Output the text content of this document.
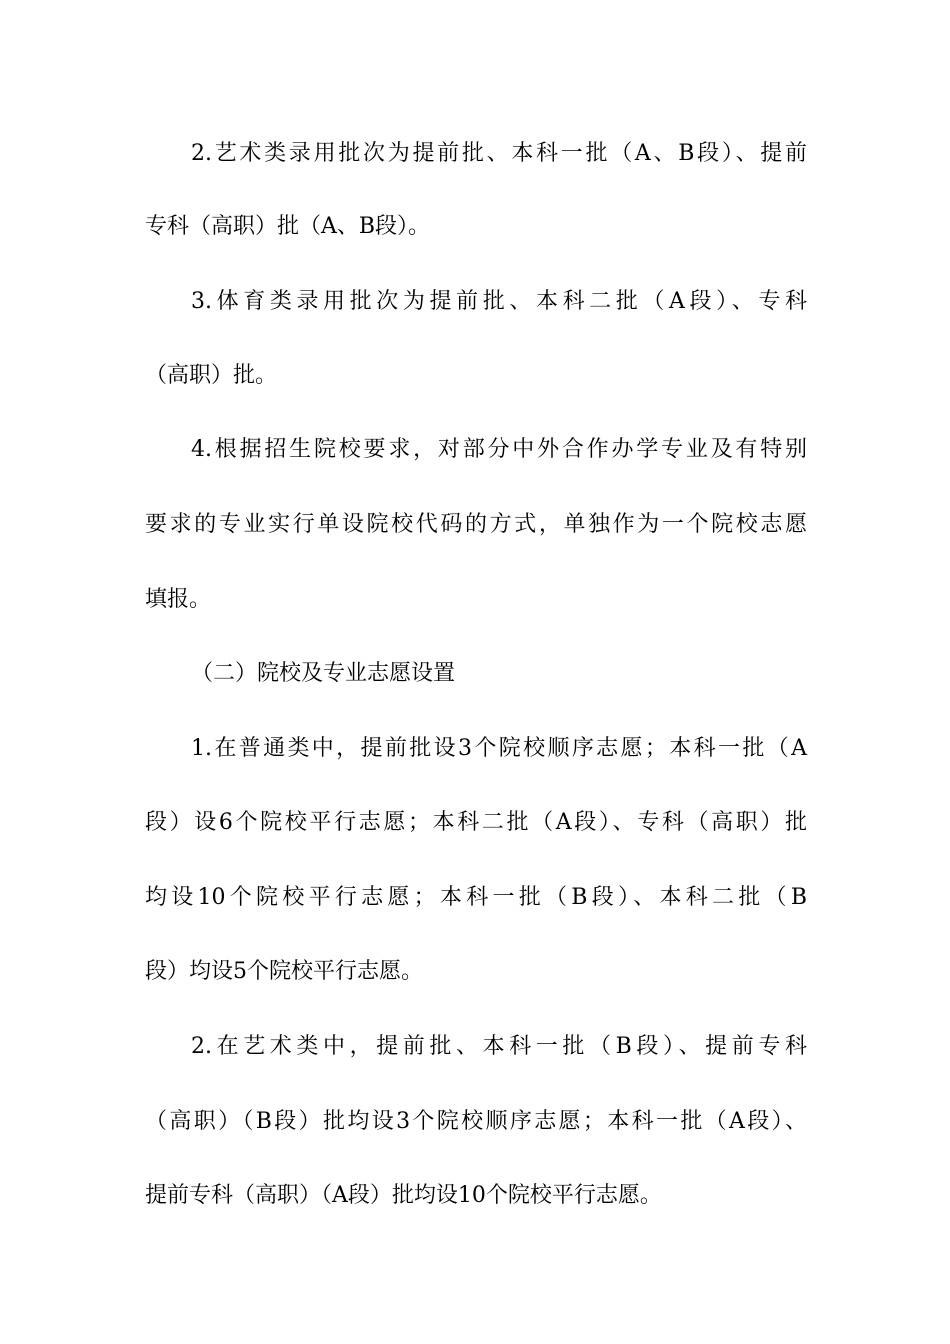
2.艺术类录用批次为提前批、本科一批（A、B段）、提前
专科（高职）批（A、B段）。
3.体育类录用批次为提前批、本科二批（A段）、专科
（高职）批。
4.根据招生院校要求，对部分中外合作办学专业及有特别
要求的专业实行单设院校代码的方式，单独作为一个院校志愿
填报。
（二）院校及专业志愿设置
1.在普通类中，提前批设3个院校顺序志愿；本科一批（A
段）设6个院校平行志愿；本科二批（A段）、专科（高职）批
均设10个院校平行志愿；本科一批（B段）、本科二批（B
段）均设5个院校平行志愿。
2.在艺术类中，提前批、本科一批（B段）、提前专科
（高职）（B段）批均设3个院校顺序志愿；本科一批（A段）、
提前专科（高职）（A段）批均设10个院校平行志愿。
